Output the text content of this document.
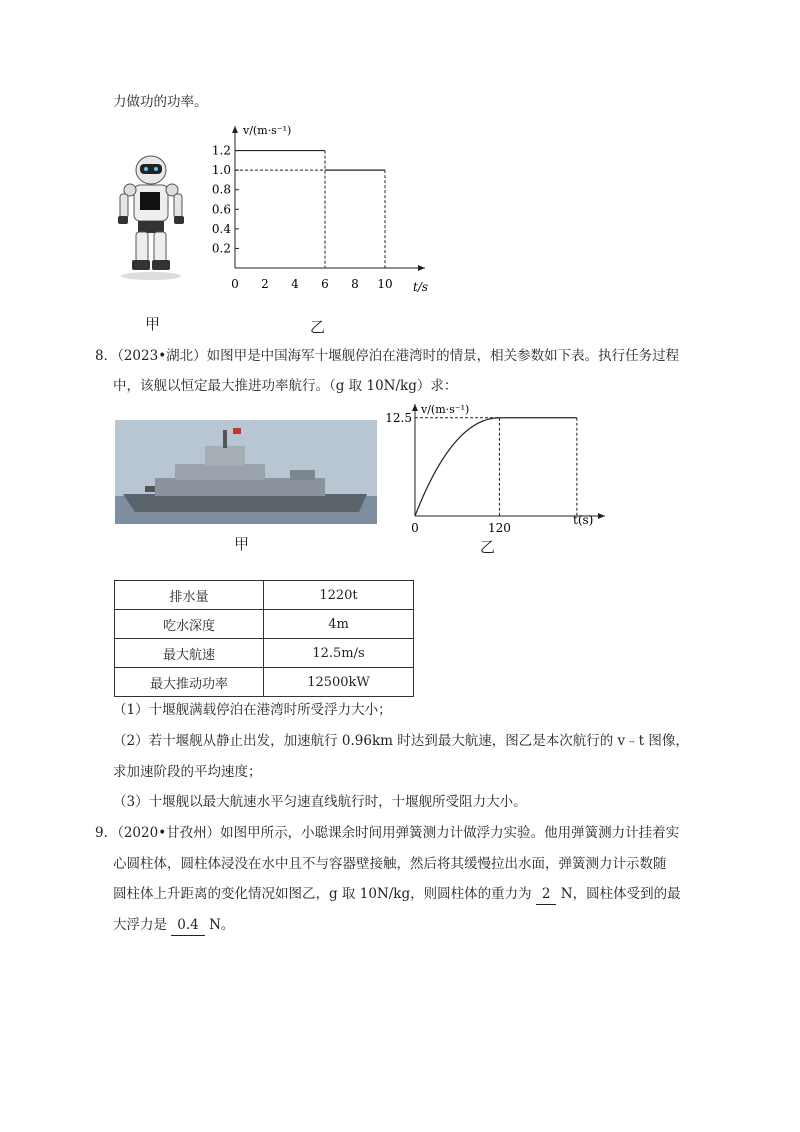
力做功的功率。
甲
v/(m·s⁻¹)
t/s
0 2 4 6 8 10
0.2
0.4
0.6
0.8
1.0
1.2
乙
8．（2023•湖北）如图甲是中国海军十堰舰停泊在港湾时的情景，相关参数如下表。执行任务过程
中，该舰以恒定最大推进功率航行。（g 取 10N/kg）求：
甲
v/(m·s⁻¹)
t(s)
0	120
12.5
乙
排水量	1220t
吃水深度	4m
最大航速	12.5m/s
最大推动功率	12500kW
（1）十堰舰满载停泊在港湾时所受浮力大小；
（2）若十堰舰从静止出发，加速航行 0.96km 时达到最大航速，图乙是本次航行的 v﹣t 图像，
求加速阶段的平均速度；
（3）十堰舰以最大航速水平匀速直线航行时，十堰舰所受阻力大小。
9．（2020•甘孜州）如图甲所示，小聪课余时间用弹簧测力计做浮力实验。他用弹簧测力计挂着实
心圆柱体，圆柱体浸没在水中且不与容器壁接触，然后将其缓慢拉出水面，弹簧测力计示数随
圆柱体上升距离的变化情况如图乙，g 取 10N/kg，则圆柱体的重力为 2 N，圆柱体受到的最
大浮力是 0.4 N。
